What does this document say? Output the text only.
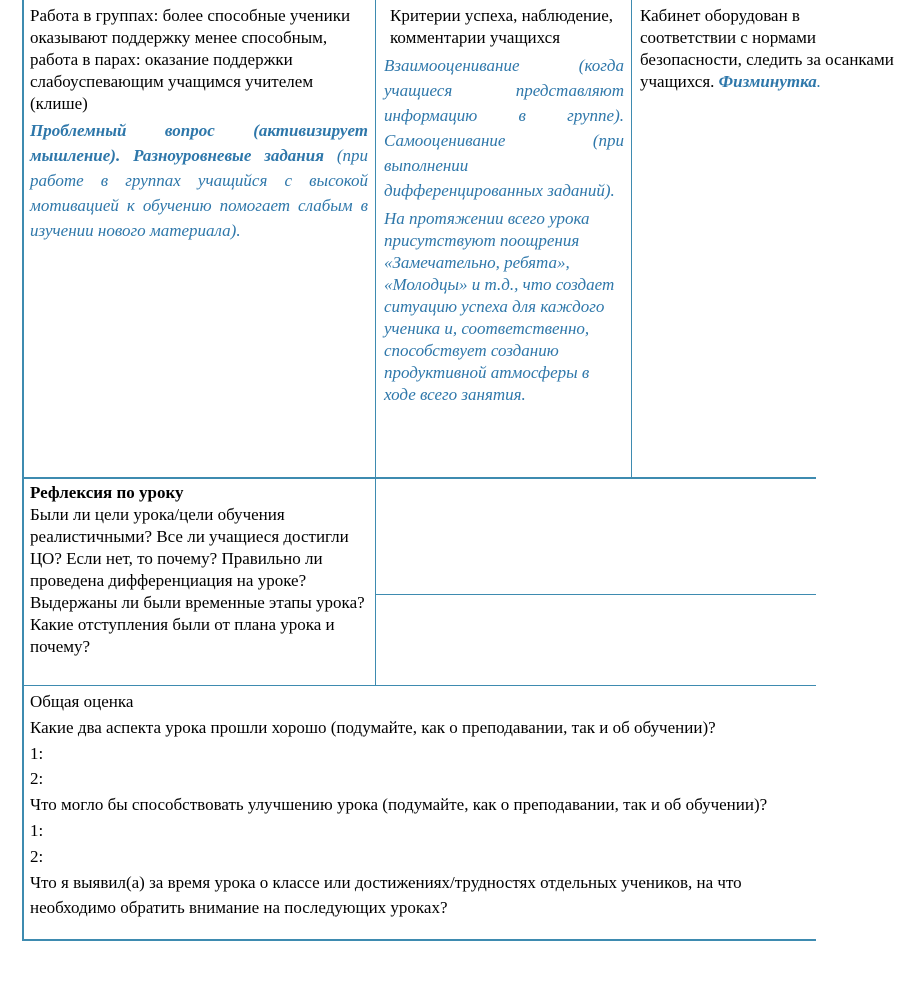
Работа в группах: более способные ученики оказывают поддержку менее способным, работа в парах: оказание поддержки слабоуспевающим учащимся учителем (клише)

Проблемный вопрос (активизирует мышление). Разноуровневые задания (при работе в группах учащийся с высокой мотивацией к обучению помогает слабым в изучении нового материала).

Критерии успеха, наблюдение, комментарии учащихся

Взаимооценивание (когда учащиеся представляют информацию в группе). Самооценивание (при выполнении дифференцированных заданий).

На протяжении всего урока присутствуют поощрения «Замечательно, ребята», «Молодцы» и т.д., что создает ситуацию успеха для каждого ученика и, соответственно, способствует созданию продуктивной атмосферы в ходе всего занятия.

Кабинет оборудован в соответствии с нормами безопасности, следить за осанками учащихся. Физминутка.

Рефлексия по уроку

Были ли цели урока/цели обучения реалистичными? Все ли учащиеся достигли ЦО? Если нет, то почему? Правильно ли проведена дифференциация на уроке? Выдержаны ли были временные этапы урока? Какие отступления были от плана урока и почему?

Общая оценка

Какие два аспекта урока прошли хорошо (подумайте, как о преподавании, так и об обучении)?

1:

2:

Что могло бы способствовать улучшению урока (подумайте, как о преподавании, так и об обучении)?

1:

2:

Что я выявил(а) за время урока о классе или достижениях/трудностях отдельных учеников, на что необходимо обратить внимание на последующих уроках?
